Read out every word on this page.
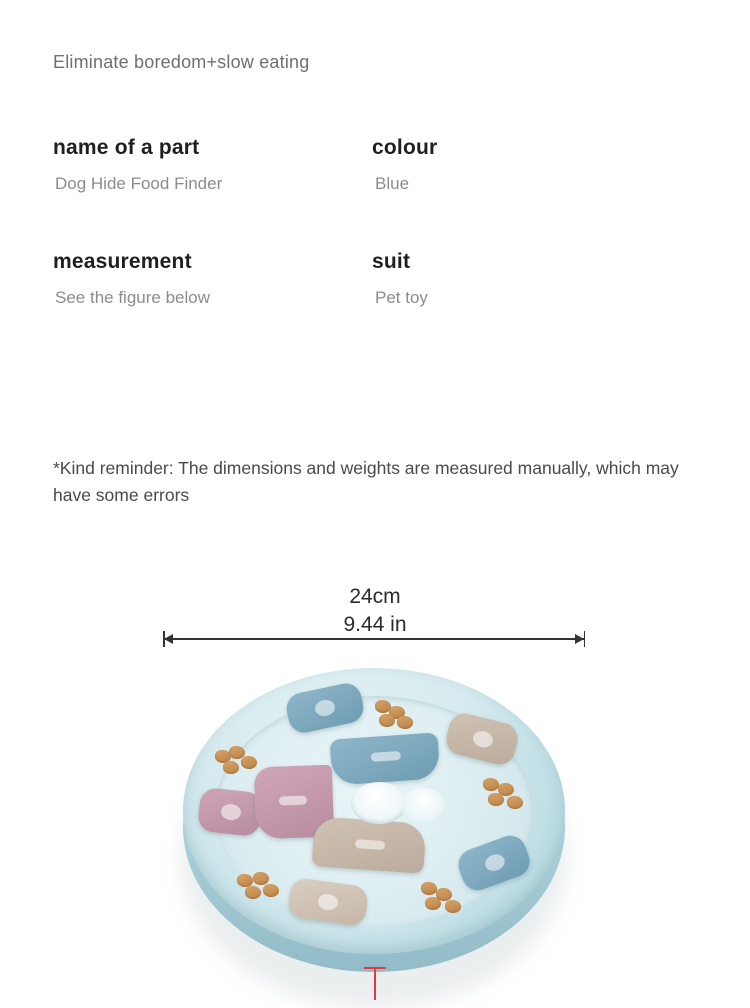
Eliminate boredom+slow eating
name of a part
Dog Hide Food Finder
colour
Blue
measurement
See the figure below
suit
Pet toy
*Kind reminder: The dimensions and weights are measured manually, which may have some errors
24cm
9.44 in
